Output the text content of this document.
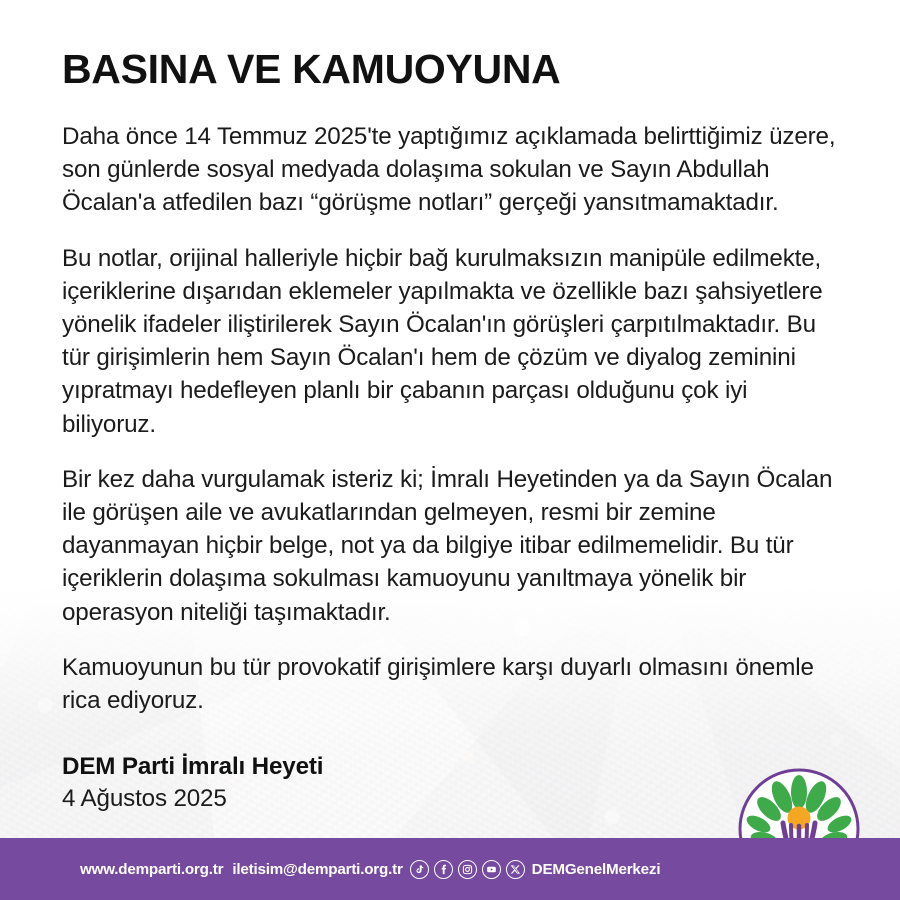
BASINA VE KAMUOYUNA

Daha önce 14 Temmuz 2025'te yaptığımız açıklamada belirttiğimiz üzere, son günlerde sosyal medyada dolaşıma sokulan ve Sayın Abdullah Öcalan'a atfedilen bazı “görüşme notları” gerçeği yansıtmamaktadır.

Bu notlar, orijinal halleriyle hiçbir bağ kurulmaksızın manipüle edilmekte, içeriklerine dışarıdan eklemeler yapılmakta ve özellikle bazı şahsiyetlere yönelik ifadeler iliştirilerek Sayın Öcalan'ın görüşleri çarpıtılmaktadır. Bu tür girişimlerin hem Sayın Öcalan'ı hem de çözüm ve diyalog zeminini yıpratmayı hedefleyen planlı bir çabanın parçası olduğunu çok iyi biliyoruz.

Bir kez daha vurgulamak isteriz ki; İmralı Heyetinden ya da Sayın Öcalan ile görüşen aile ve avukatlarından gelmeyen, resmi bir zemine dayanmayan hiçbir belge, not ya da bilgiye itibar edilmemelidir. Bu tür içeriklerin dolaşıma sokulması kamuoyunu yanıltmaya yönelik bir operasyon niteliği taşımaktadır.

Kamuoyunun bu tür provokatif girişimlere karşı duyarlı olmasını önemle rica ediyoruz.

DEM Parti İmralı Heyeti

4 Ağustos 2025

www.demparti.org.tr iletisim@demparti.org.tr	DEMGenelMerkezi
